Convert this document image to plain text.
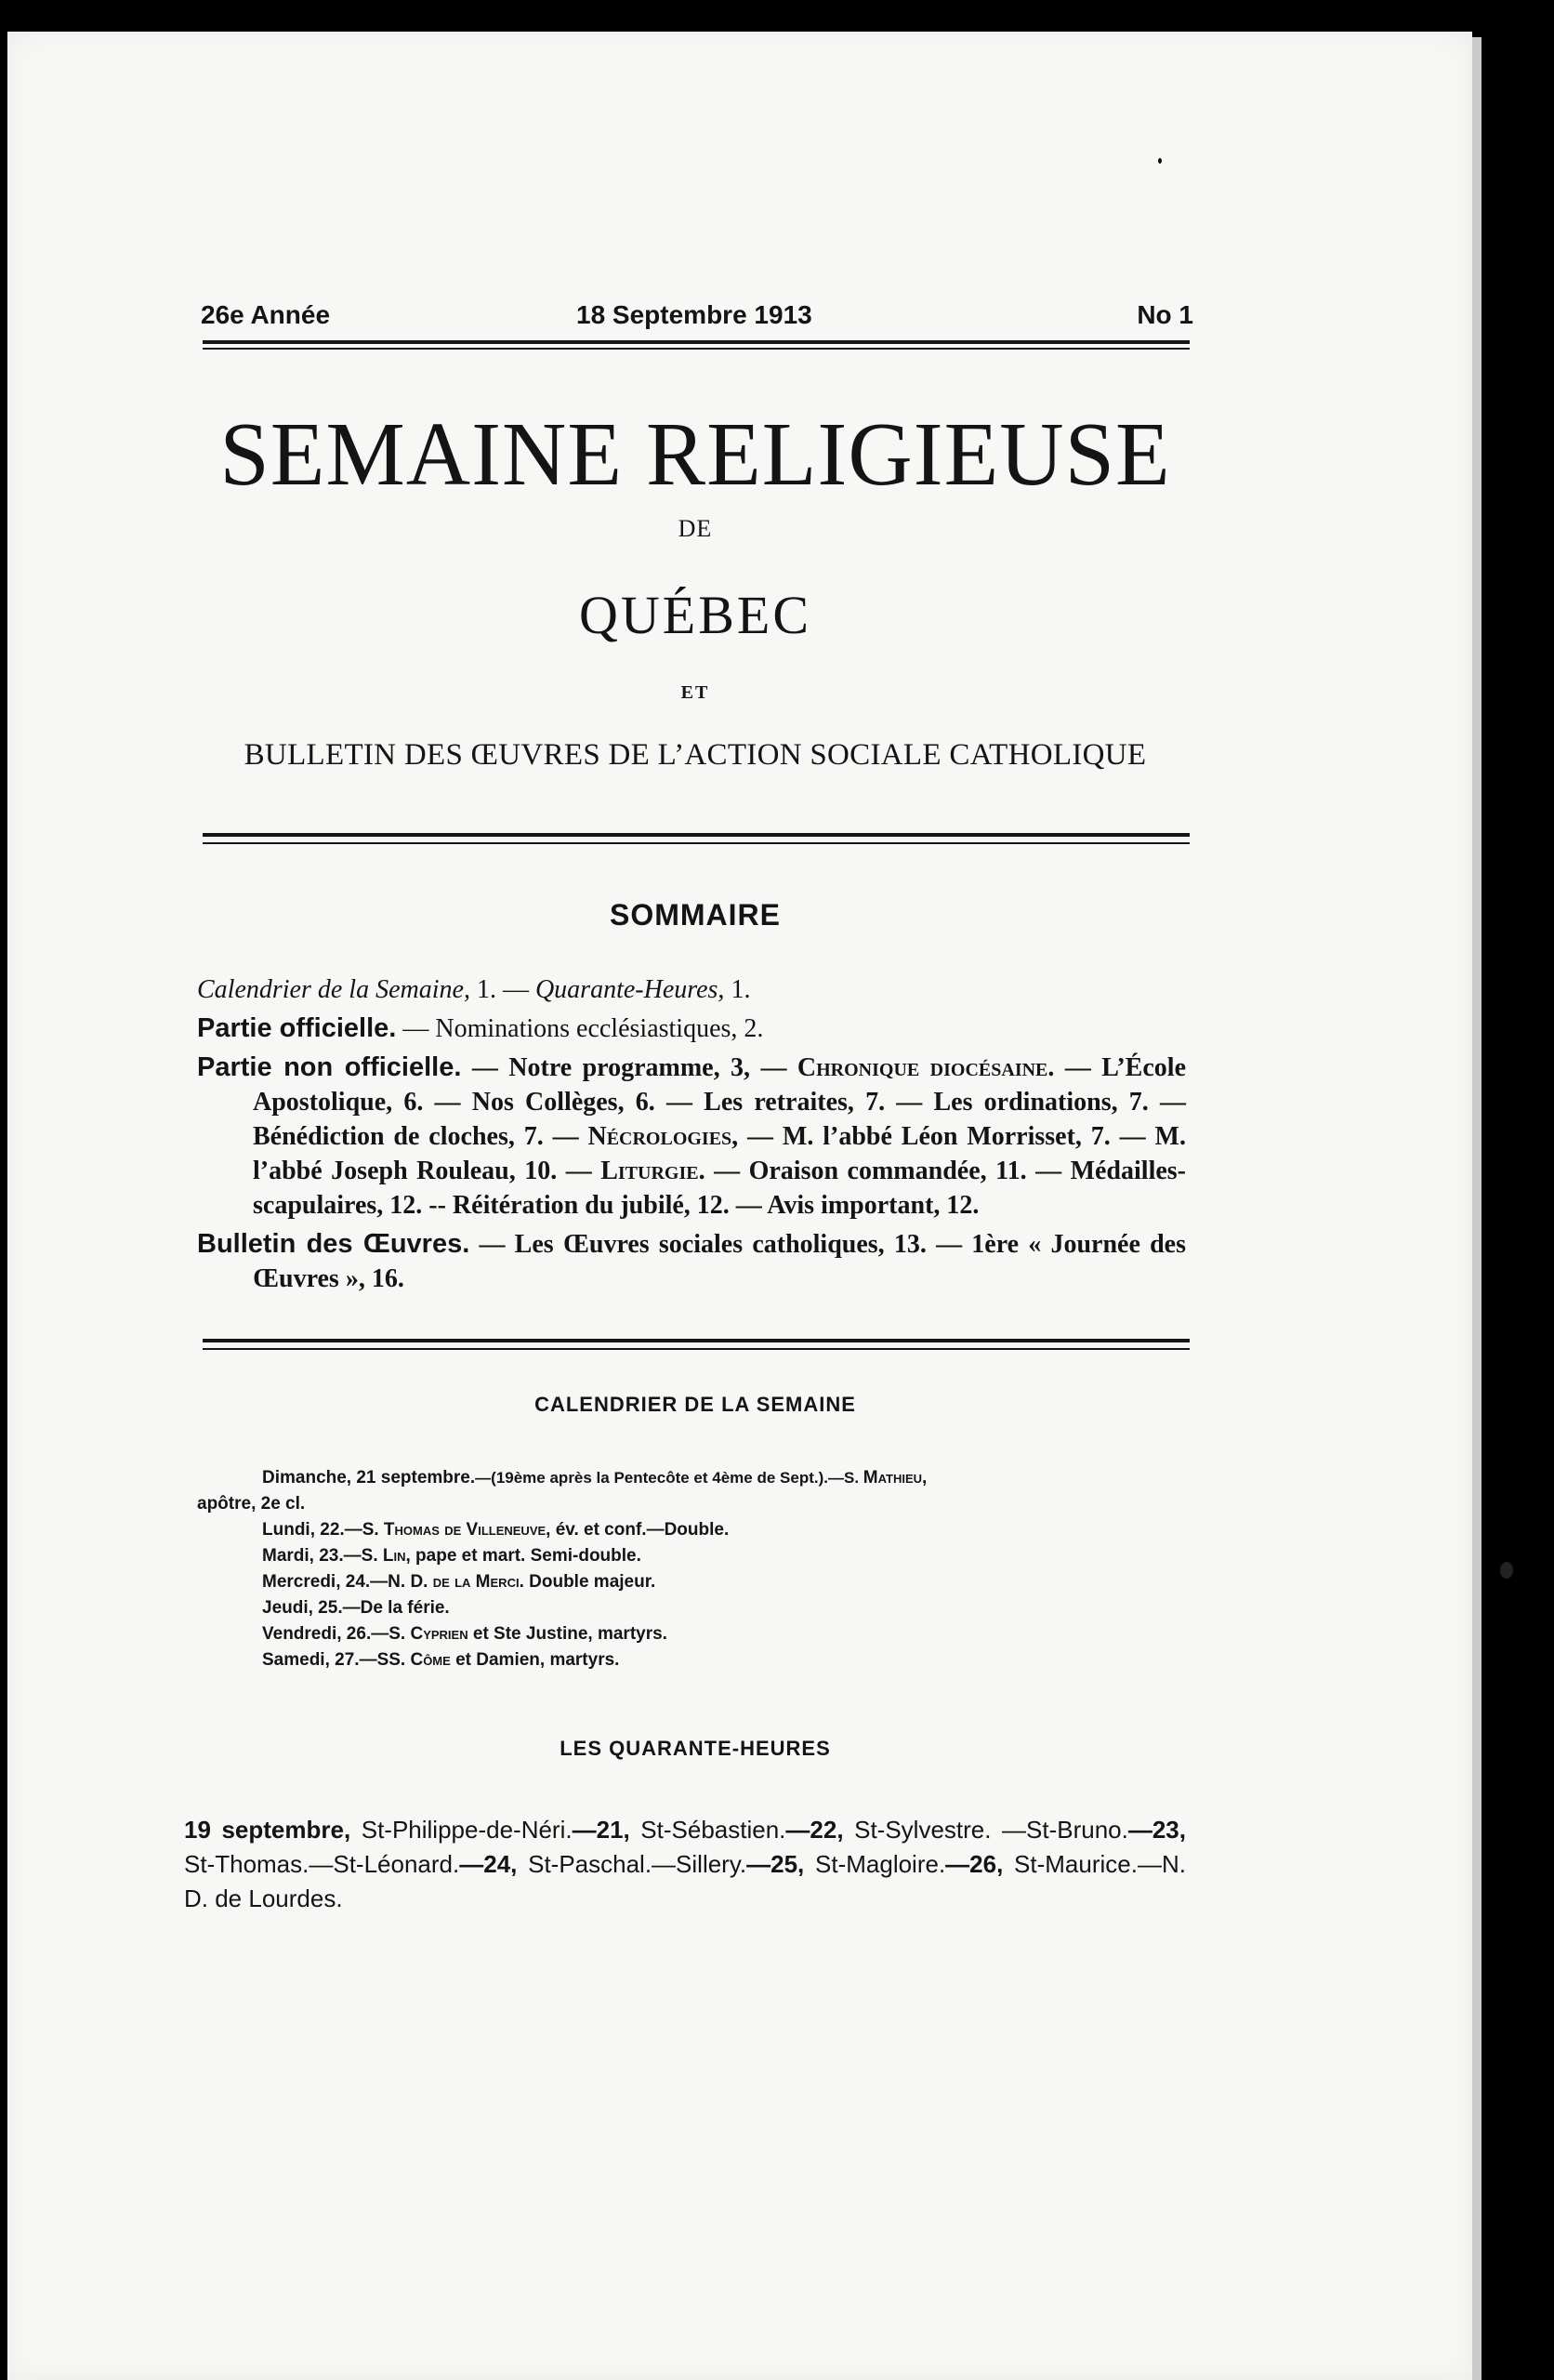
26e Année	18 Septembre 1913	No 1
SEMAINE RELIGIEUSE
DE
QUÉBEC
ET
BULLETIN DES ŒUVRES DE L’ACTION SOCIALE CATHOLIQUE
SOMMAIRE

Calendrier de la Semaine, 1. — Quarante-Heures, 1.

Partie officielle. — Nominations ecclésiastiques, 2.

Partie non officielle. — Notre programme, 3, — Chronique diocésaine. — L’École Apostolique, 6. — Nos Collèges, 6. — Les retraites, 7. — Les ordinations, 7. — Bénédiction de cloches, 7. — Nécrologies, — M. l’abbé Léon Morrisset, 7. — M. l’abbé Joseph Rouleau, 10. — Liturgie. — Oraison commandée, 11. — Médailles-scapulaires, 12. -- Réitération du jubilé, 12. — Avis important, 12.

Bulletin des Œuvres. — Les Œuvres sociales catholiques, 13. — 1ère « Journée des Œuvres », 16.

CALENDRIER DE LA SEMAINE
Dimanche, 21 septembre.—(19ème après la Pentecôte et 4ème de Sept.).—S. Mathieu,
apôtre, 2e cl.
Lundi, 22.—S. Thomas de Villeneuve, év. et conf.—Double.
Mardi, 23.—S. Lin, pape et mart. Semi-double.
Mercredi, 24.—N. D. de la Merci. Double majeur.
Jeudi, 25.—De la férie.
Vendredi, 26.—S. Cyprien et Ste Justine, martyrs.
Samedi, 27.—SS. Côme et Damien, martyrs.
LES QUARANTE-HEURES
19 septembre, St-Philippe-de-Néri.—21, St-Sébastien.—22, St-Sylvestre. —St-Bruno.—23, St-Thomas.—St-Léonard.—24, St-Paschal.—Sillery.—25, St-Magloire.—26, St-Maurice.—N. D. de Lourdes.
